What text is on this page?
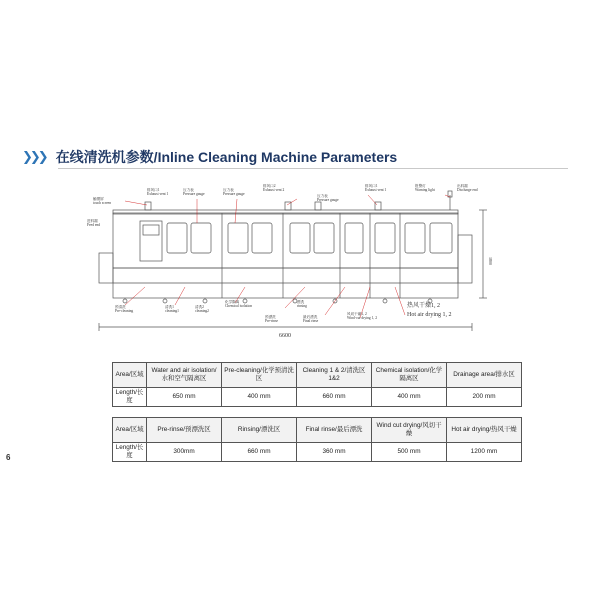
❯❯❯ 在线清洗机参数/Inline Cleaning Machine Parameters
排风口1
Exhaust vent 1
触摸屏
touch screen
压力表
Pressure gauge
压力表
Pressure gauge
排风口2
Exhaust vent 2
压力表
Pressure gauge
排风口1
Exhaust vent 1
报警灯
Warning light
出料端
Discharge end
进料端
Feed end
预清洗
Pre-cleaning
清洗1
cleaning1
清洗2
cleaning2
化学隔离
Chemical isolation
漂洗
rinsing
预漂洗
Pre-rinse
最后漂洗
Final rinse
风切干燥1, 2
Wind-cut drying 1, 2
热风干燥1, 2
Hot air drying 1, 2
6600
1800
Area/区域	Water and air isolation/水和空气隔离区	Pre-cleaning/化学预清洗区	Cleaning 1 & 2/清洗区1&2	Chemical isolation/化学隔离区	Drainage area/排水区
Length/长度	650 mm	400 mm	660 mm	400 mm	200 mm
Area/区域	Pre-rinse/预漂洗区	Rinsing/漂洗区	Final rinse/最后漂洗	Wind cut drying/风切干燥	Hot air drying/热风干燥
Length/长度	300mm	660 mm	360 mm	500 mm	1200 mm
6
